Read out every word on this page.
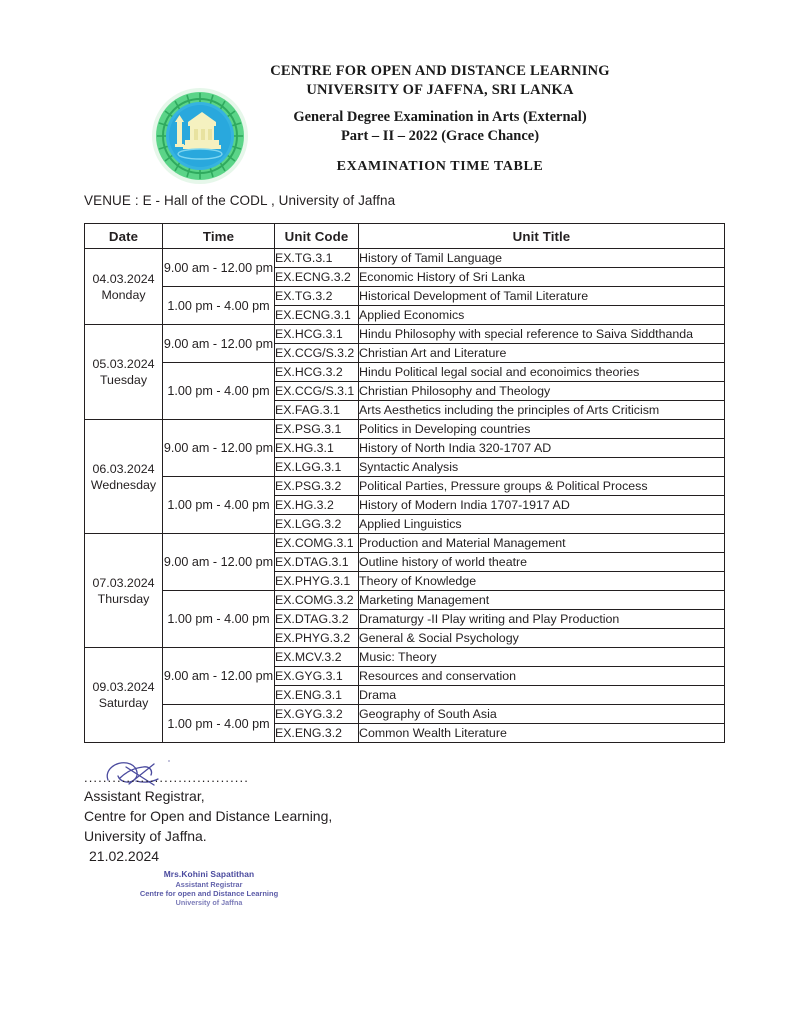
CENTRE FOR OPEN AND DISTANCE LEARNING
UNIVERSITY OF JAFFNA, SRI LANKA
General Degree Examination in Arts (External)
Part – II – 2022 (Grace Chance)
EXAMINATION TIME TABLE
VENUE : E - Hall of the CODL , University of Jaffna
Date	Time	Unit Code	Unit Title

04.03.2024
Monday	9.00 am - 12.00 pm	EX.TG.3.1	History of Tamil Language
		EX.ECNG.3.2	Economic History of Sri Lanka
	1.00 pm - 4.00 pm	EX.TG.3.2	Historical Development of Tamil Literature
		EX.ECNG.3.1	Applied Economics

05.03.2024
Tuesday	9.00 am - 12.00 pm	EX.HCG.3.1	Hindu Philosophy with special reference to Saiva Siddthanda
		EX.CCG/S.3.2	Christian Art and Literature
	1.00 pm - 4.00 pm	EX.HCG.3.2	Hindu Political legal social and econoimics theories
		EX.CCG/S.3.1	Christian Philosophy and Theology
		EX.FAG.3.1	Arts Aesthetics including the principles of Arts Criticism

06.03.2024
Wednesday	9.00 am - 12.00 pm	EX.PSG.3.1	Politics in Developing countries
		EX.HG.3.1	History of North India 320-1707 AD
		EX.LGG.3.1	Syntactic Analysis
	1.00 pm - 4.00 pm	EX.PSG.3.2	Political Parties, Pressure groups & Political Process
		EX.HG.3.2	History of Modern India 1707-1917 AD
		EX.LGG.3.2	Applied Linguistics

07.03.2024
Thursday	9.00 am - 12.00 pm	EX.COMG.3.1	Production and Material Management
		EX.DTAG.3.1	Outline history of world theatre
		EX.PHYG.3.1	Theory of Knowledge
	1.00 pm - 4.00 pm	EX.COMG.3.2	Marketing Management
		EX.DTAG.3.2	Dramaturgy -II Play writing and Play Production
		EX.PHYG.3.2	General & Social Psychology

09.03.2024
Saturday	9.00 am - 12.00 pm	EX.MCV.3.2	Music: Theory
		EX.GYG.3.1	Resources and conservation
		EX.ENG.3.1	Drama
	1.00 pm - 4.00 pm	EX.GYG.3.2	Geography of South Asia
		EX.ENG.3.2	Common Wealth Literature
...................................
Assistant Registrar,
Centre for Open and Distance Learning,
University of Jaffna.
21.02.2024
Mrs.Kohini Sapatithan
Assistant Registrar
Centre for open and Distance Learning
University of Jaffna
